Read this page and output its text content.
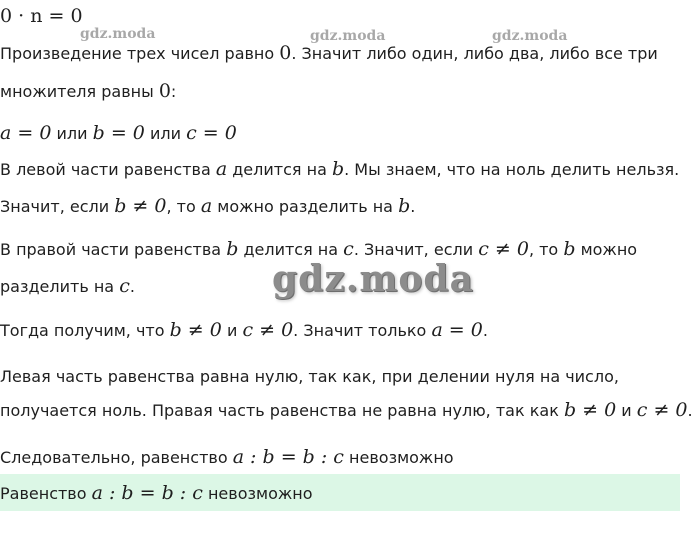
gdz.moda	gdz.moda	gdz.moda
gdz.moda
0 · n = 0
Произведение трех чисел равно 0. Значит либо один, либо два, либо все три
множителя равны 0:
a = 0 или b = 0 или c = 0
В левой части равенства a делится на b. Мы знаем, что на ноль делить нельзя.
Значит, если b ≠ 0, то a можно разделить на b.
В правой части равенства b делится на c. Значит, если c ≠ 0, то b можно
разделить на c.
Тогда получим, что b ≠ 0 и c ≠ 0. Значит только a = 0.
Левая часть равенства равна нулю, так как, при делении нуля на число,
получается ноль. Правая часть равенства не равна нулю, так как b ≠ 0 и c ≠ 0.
Следовательно, равенство a : b = b : c невозможно
Равенство a : b = b : c невозможно
